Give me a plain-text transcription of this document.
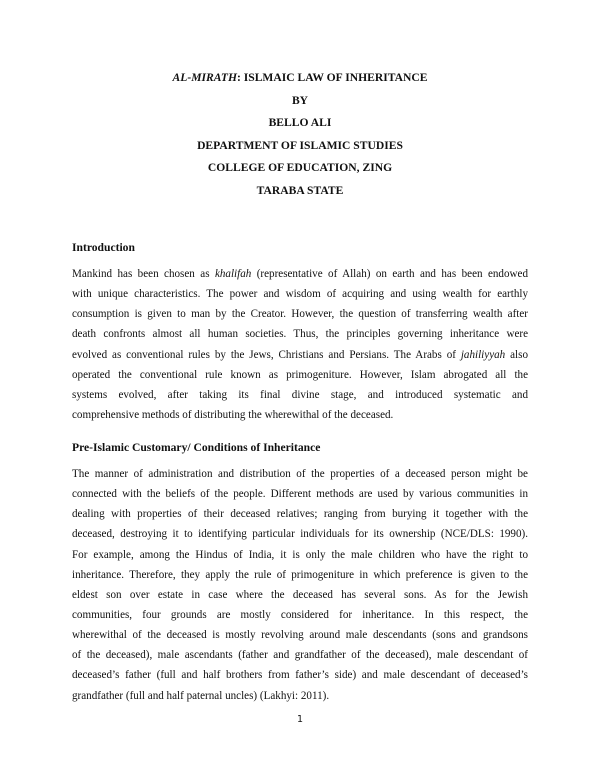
AL-MIRATH: ISLMAIC LAW OF INHERITANCE
BY
BELLO ALI
DEPARTMENT OF ISLAMIC STUDIES
COLLEGE OF EDUCATION, ZING
TARABA STATE
Introduction
Mankind has been chosen as khalifah (representative of Allah) on earth and has been endowed
with unique characteristics. The power and wisdom of acquiring and using wealth for earthly
consumption is given to man by the Creator. However, the question of transferring wealth after
death confronts almost all human societies. Thus, the principles governing inheritance were
evolved as conventional rules by the Jews, Christians and Persians. The Arabs of jahiliyyah also
operated the conventional rule known as primogeniture. However, Islam abrogated all the
systems evolved, after taking its final divine stage, and introduced systematic and
comprehensive methods of distributing the wherewithal of the deceased.
Pre-Islamic Customary/ Conditions of Inheritance
The manner of administration and distribution of the properties of a deceased person might be
connected with the beliefs of the people. Different methods are used by various communities in
dealing with properties of their deceased relatives; ranging from burying it together with the
deceased, destroying it to identifying particular individuals for its ownership (NCE/DLS: 1990).
For example, among the Hindus of India, it is only the male children who have the right to
inheritance. Therefore, they apply the rule of primogeniture in which preference is given to the
eldest son over estate in case where the deceased has several sons. As for the Jewish
communities, four grounds are mostly considered for inheritance. In this respect, the
wherewithal of the deceased is mostly revolving around male descendants (sons and grandsons
of the deceased), male ascendants (father and grandfather of the deceased), male descendant of
deceased’s father (full and half brothers from father’s side) and male descendant of deceased’s
grandfather (full and half paternal uncles) (Lakhyi: 2011).
1
